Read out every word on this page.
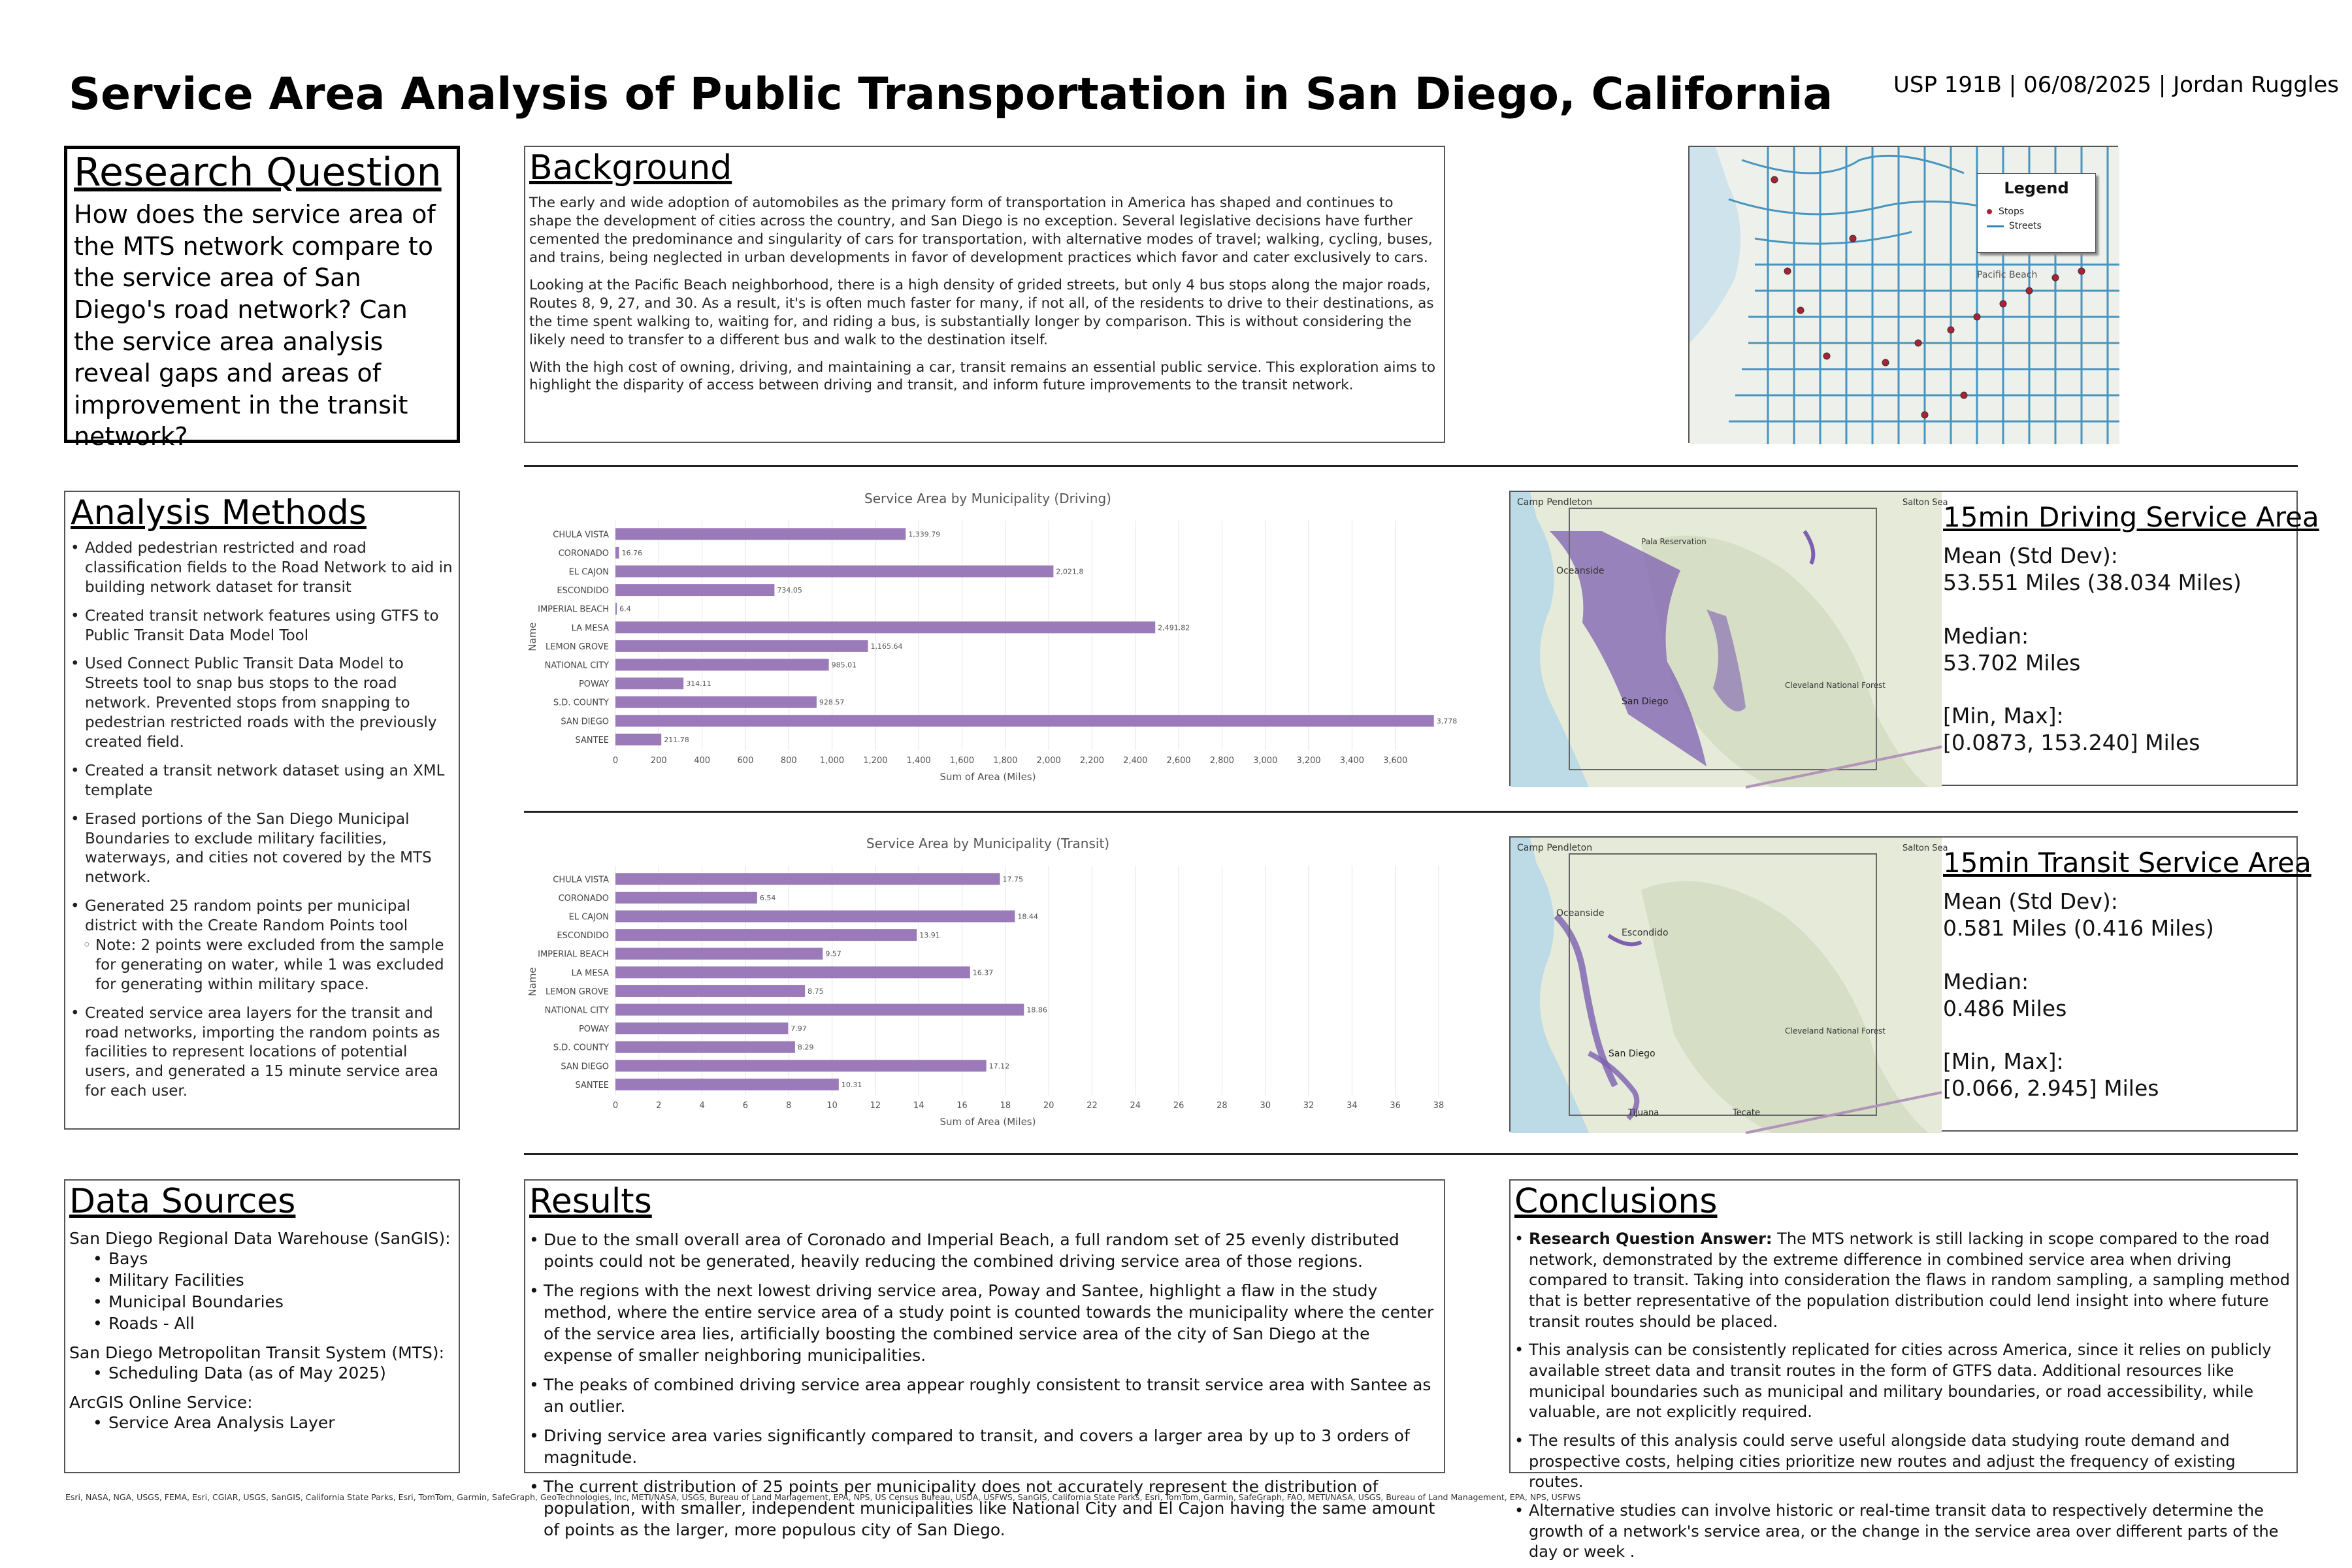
Service Area Analysis of Public Transportation in San Diego, California	USP 191B | 06/08/2025 | Jordan Ruggles
Research Question
How does the service area of the MTS network compare to the service area of San Diego's road network? Can the service area analysis reveal gaps and areas of improvement in the transit network?
Background
The early and wide adoption of automobiles as the primary form of transportation in America has shaped and continues to shape the development of cities across the country, and San Diego is no exception. Several legislative decisions have further cemented the predominance and singularity of cars for transportation, with alternative modes of travel; walking, cycling, buses, and trains, being neglected in urban developments in favor of development practices which favor and cater exclusively to cars.
Looking at the Pacific Beach neighborhood, there is a high density of grided streets, but only 4 bus stops along the major roads, Routes 8, 9, 27, and 30. As a result, it's is often much faster for many, if not all, of the residents to drive to their destinations, as the time spent walking to, waiting for, and riding a bus, is substantially longer by comparison. This is without considering the likely need to transfer to a different bus and walk to the destination itself.
With the high cost of owning, driving, and maintaining a car, transit remains an essential public service. This exploration aims to highlight the disparity of access between driving and transit, and inform future improvements to the transit network.
Pacific Beach
Legend
Stops
Streets
Analysis Methods
• Added pedestrian restricted and road classification fields to the Road Network to aid in building network dataset for transit
• Created transit network features using GTFS to Public Transit Data Model Tool
• Used Connect Public Transit Data Model to Streets tool to snap bus stops to the road network. Prevented stops from snapping to pedestrian restricted roads with the previously created field.
• Created a transit network dataset using an XML template
• Erased portions of the San Diego Municipal Boundaries to exclude military facilities, waterways, and cities not covered by the MTS network.
• Generated 25 random points per municipal district with the Create Random Points tool
◦ Note: 2 points were excluded from the sample for generating on water, while 1 was excluded for generating within military space.
• Created service area layers for the transit and road networks, importing the random points as facilities to represent locations of potential users, and generated a 15 minute service area for each user.
Service Area by Municipality (Driving)
0	200	400	600	800	1,000 1,200 1,400 1,600 1,800 2,000 2,200 2,400 2,600 2,800 3,000 3,200 3,400 3,600
CHULA VISTA	1,339.79
CORONADO 16.76
EL CAJON	2,021.8
ESCONDIDO	734.05
IMPERIAL BEACH 6.4
LA MESA	2,491.82
LEMON GROVE	1,165.64
NATIONAL CITY	985.01
POWAY	314.11
S.D. COUNTY	928.57
SAN DIEGO	3,778
SANTEE	211.78
Sum of Area (Miles)
Name
Service Area by Municipality (Transit)
0	2	4	6	8	10	12	14	16	18	20	22	24	26	28	30	32	34	36	38
CHULA VISTA	17.75
CORONADO	6.54
EL CAJON	18.44
ESCONDIDO	13.91
IMPERIAL BEACH	9.57
LA MESA	16.37
LEMON GROVE	8.75
NATIONAL CITY	18.86
POWAY	7.97
S.D. COUNTY	8.29
SAN DIEGO	17.12
SANTEE	10.31
Sum of Area (Miles)
Name
Camp Pendleton	Salton Sea
Oceanside
Pala Reservation
Cleveland National Forest
San Diego
15min Driving Service Area
Mean (Std Dev):
53.551 Miles (38.034 Miles)
Median:
53.702 Miles
[Min, Max]:
[0.0873, 153.240] Miles
Camp Pendleton	Salton Sea
Oceanside
Escondido
Cleveland National Forest
San Diego
Tijuana	Tecate
15min Transit Service Area
Mean (Std Dev):
0.581 Miles (0.416 Miles)
Median:
0.486 Miles
[Min, Max]:
[0.066, 2.945] Miles
Data Sources
San Diego Regional Data Warehouse (SanGIS):
• Bays
• Military Facilities
• Municipal Boundaries
• Roads - All
San Diego Metropolitan Transit System (MTS):
• Scheduling Data (as of May 2025)
ArcGIS Online Service:
• Service Area Analysis Layer
Results
• Due to the small overall area of Coronado and Imperial Beach, a full random set of 25 evenly distributed points could not be generated, heavily reducing the combined driving service area of those regions.
• The regions with the next lowest driving service area, Poway and Santee, highlight a flaw in the study method, where the entire service area of a study point is counted towards the municipality where the center of the service area lies, artificially boosting the combined service area of the city of San Diego at the expense of smaller neighboring municipalities.
• The peaks of combined driving service area appear roughly consistent to transit service area with Santee as an outlier.
• Driving service area varies significantly compared to transit, and covers a larger area by up to 3 orders of magnitude.
• The current distribution of 25 points per municipality does not accurately represent the distribution of population, with smaller, independent municipalities like National City and El Cajon having the same amount of points as the larger, more populous city of San Diego.
Conclusions
• Research Question Answer: The MTS network is still lacking in scope compared to the road network, demonstrated by the extreme difference in combined service area when driving compared to transit. Taking into consideration the flaws in random sampling, a sampling method that is better representative of the population distribution could lend insight into where future transit routes should be placed.
• This analysis can be consistently replicated for cities across America, since it relies on publicly available street data and transit routes in the form of GTFS data. Additional resources like municipal boundaries such as municipal and military boundaries, or road accessibility, while valuable, are not explicitly required.
• The results of this analysis could serve useful alongside data studying route demand and prospective costs, helping cities prioritize new routes and adjust the frequency of existing routes.
• Alternative studies can involve historic or real-time transit data to respectively determine the growth of a network's service area, or the change in the service area over different parts of the day or week .
Esri, NASA, NGA, USGS, FEMA, Esri, CGIAR, USGS, SanGIS, California State Parks, Esri, TomTom, Garmin, SafeGraph, GeoTechnologies, Inc, METI/NASA, USGS, Bureau of Land Management, EPA, NPS, US Census Bureau, USDA, USFWS, SanGIS, California State Parks, Esri, TomTom, Garmin, SafeGraph, FAO, METI/NASA, USGS, Bureau of Land Management, EPA, NPS, USFWS
